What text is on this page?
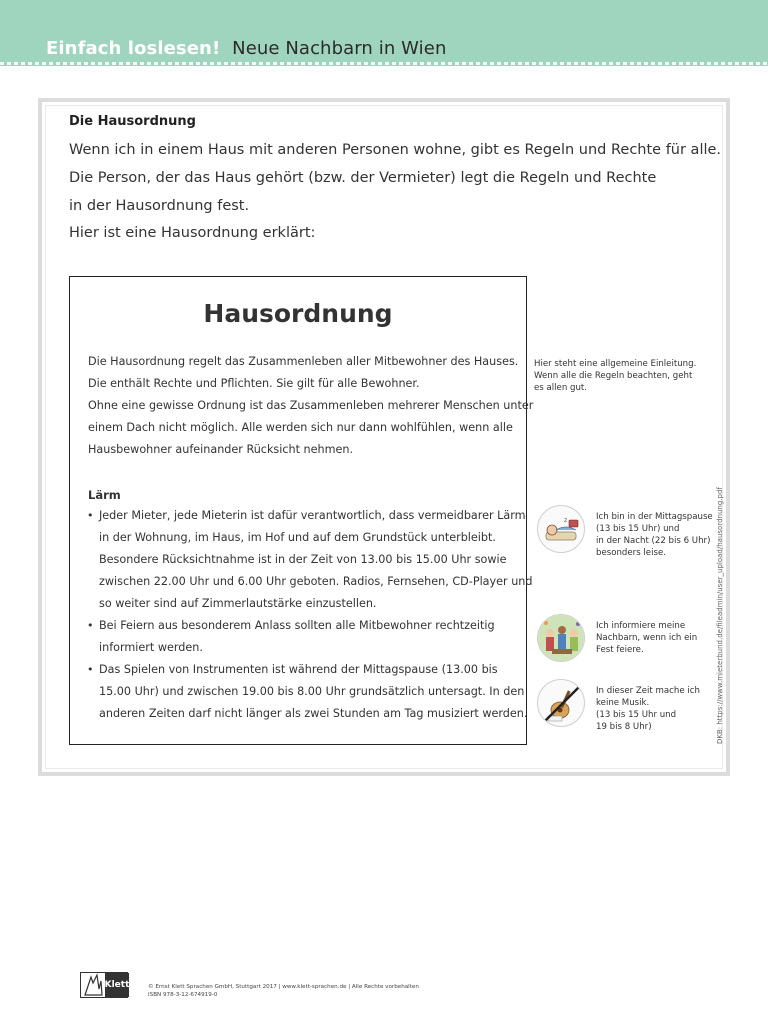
Einfach loslesen! Neue Nachbarn in Wien
Die Hausordnung
Wenn ich in einem Haus mit anderen Personen wohne, gibt es Regeln und Rechte für alle.
Die Person, der das Haus gehört (bzw. der Vermieter) legt die Regeln und Rechte
in der Hausordnung fest.
Hier ist eine Hausordnung erklärt:
Hausordnung
Die Hausordnung regelt das Zusammenleben aller Mitbewohner des Hauses.
Die enthält Rechte und Pflichten. Sie gilt für alle Bewohner.
Ohne eine gewisse Ordnung ist das Zusammenleben mehrerer Menschen unter
einem Dach nicht möglich. Alle werden sich nur dann wohlfühlen, wenn alle
Hausbewohner aufeinander Rücksicht nehmen.
Lärm
• Jeder Mieter, jede Mieterin ist dafür verantwortlich, dass vermeidbarer Lärm
in der Wohnung, im Haus, im Hof und auf dem Grundstück unterbleibt.
Besondere Rücksichtnahme ist in der Zeit von 13.00 bis 15.00 Uhr sowie
zwischen 22.00 Uhr und 6.00 Uhr geboten. Radios, Fernsehen, CD-Player und
so weiter sind auf Zimmerlautstärke einzustellen.
• Bei Feiern aus besonderem Anlass sollten alle Mitbewohner rechtzeitig
informiert werden.
• Das Spielen von Instrumenten ist während der Mittagspause (13.00 bis
15.00 Uhr) und zwischen 19.00 bis 8.00 Uhr grundsätzlich untersagt. In den
anderen Zeiten darf nicht länger als zwei Stunden am Tag musiziert werden.
Hier steht eine allgemeine Einleitung.
Wenn alle die Regeln beachten, geht
es allen gut.
z	Ich bin in der Mittagspause
(13 bis 15 Uhr) und
in der Nacht (22 bis 6 Uhr)
besonders leise.
Ich informiere meine
Nachbarn, wenn ich ein
Fest feiere.
In dieser Zeit mache ich
keine Musik.
(13 bis 15 Uhr und
19 bis 8 Uhr)	DKB: https://www.mieterbund.de/fileadmin/user_upload/hausordnung.pdf
Klett	© Ernst Klett Sprachen GmbH, Stuttgart 2017 | www.klett-sprachen.de | Alle Rechte vorbehalten
ISBN 978-3-12-674919-0
